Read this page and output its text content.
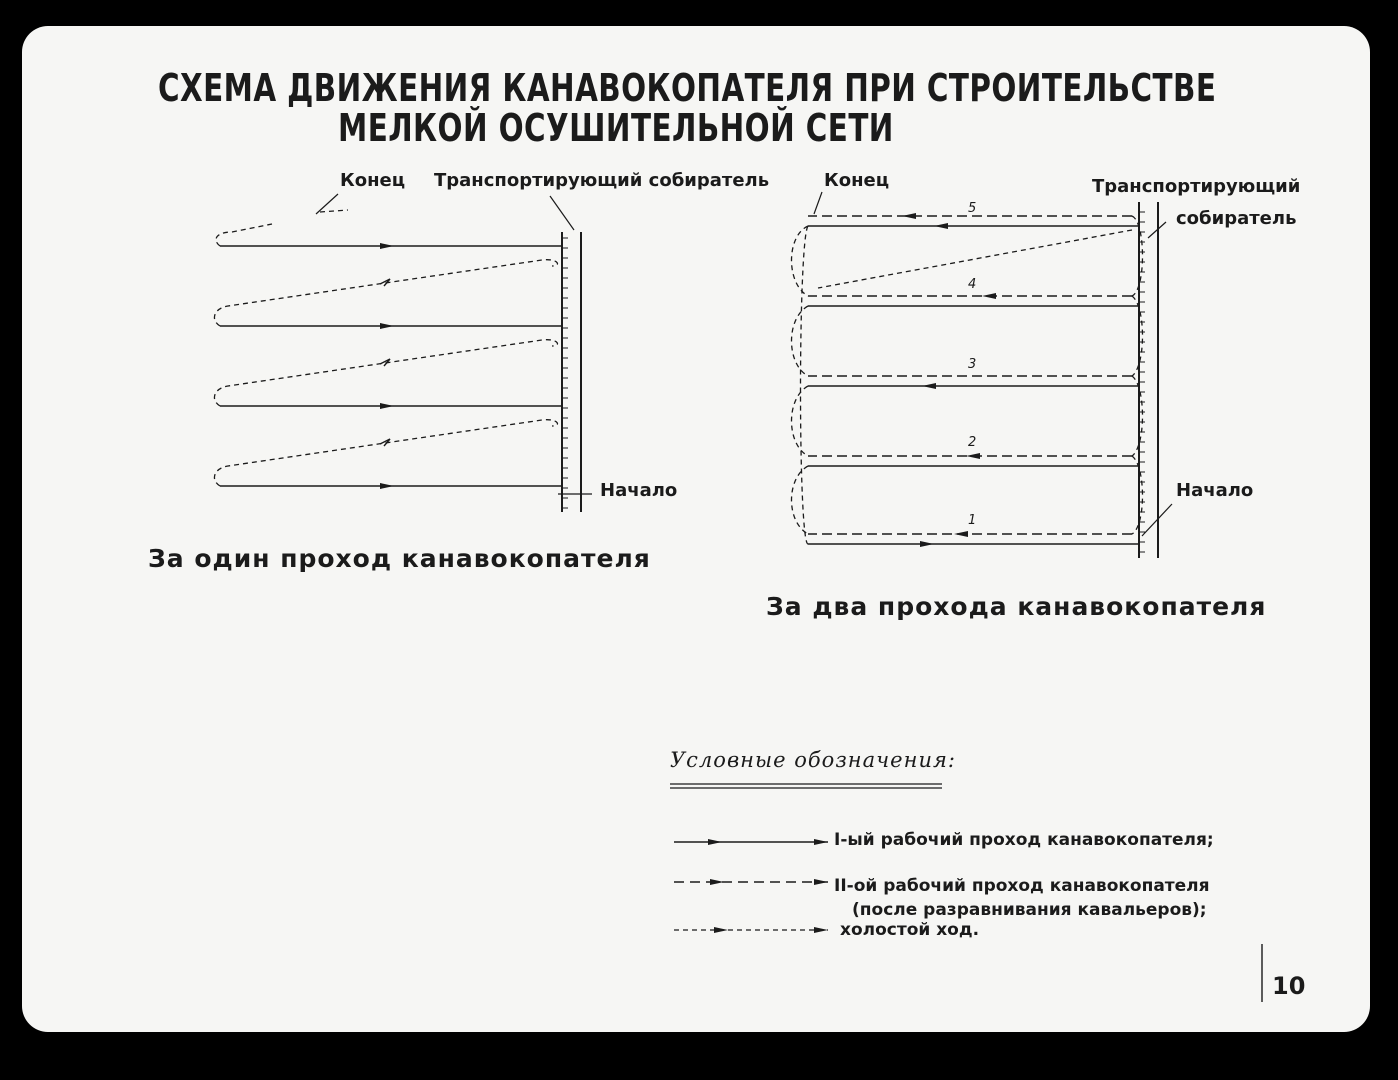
СХЕМА ДВИЖЕНИЯ КАНАВОКОПАТЕЛЯ ПРИ СТРОИТЕЛЬСТВЕ
МЕЛКОЙ ОСУШИТЕЛЬНОЙ СЕТИ
Конец Транспортирующий собиратель
Начало
За один проход канавокопателя
Конец	Транспортирующий
собиратель
Начало
За два прохода канавокопателя
Условные обозначения:
I-ый рабочий проход канавокопателя;
II-ой рабочий проход канавокопателя
(после разравнивания кавальеров);
холостой ход.
10
5
4
3
2
1
